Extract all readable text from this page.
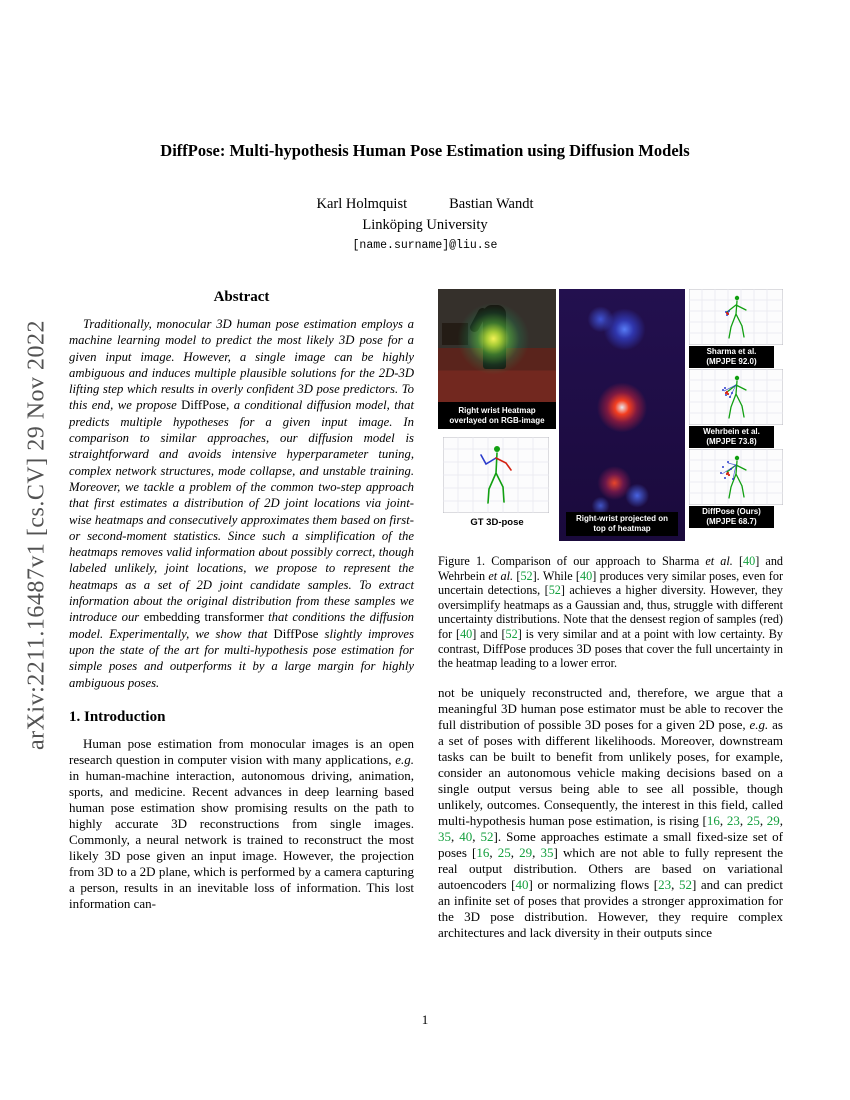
arXiv:2211.16487v1 [cs.CV] 29 Nov 2022
DiffPose: Multi-hypothesis Human Pose Estimation using Diffusion Models
Karl Holmquist	Bastian Wandt
Linköping University
[name.surname]@liu.se
Abstract

Traditionally, monocular 3D human pose estimation employs a machine learning model to predict the most likely 3D pose for a given input image. However, a single image can be highly ambiguous and induces multiple plausible solutions for the 2D-3D lifting step which results in overly confident 3D pose predictors. To this end, we propose DiffPose, a conditional diffusion model, that predicts multiple hypotheses for a given input image. In comparison to similar approaches, our diffusion model is straightforward and avoids intensive hyperparameter tuning, complex network structures, mode collapse, and unstable training. Moreover, we tackle a problem of the common two-step approach that first estimates a distribution of 2D joint locations via joint-wise heatmaps and consecutively approximates them based on first- or second-moment statistics. Since such a simplification of the heatmaps removes valid information about possibly correct, though labeled unlikely, joint locations, we propose to represent the heatmaps as a set of 2D joint candidate samples. To extract information about the original distribution from these samples we introduce our embedding transformer that conditions the diffusion model. Experimentally, we show that DiffPose slightly improves upon the state of the art for multi-hypothesis pose estimation for simple poses and outperforms it by a large margin for highly ambiguous poses.

1. Introduction

Human pose estimation from monocular images is an open research question in computer vision with many applications, e.g. in human-machine interaction, autonomous driving, animation, sports, and medicine. Recent advances in deep learning based human pose estimation show promising results on the path to highly accurate 3D reconstructions from single images. Commonly, a neural network is trained to reconstruct the most likely 3D pose given an input image. However, the projection from 3D to a 2D plane, which is performed by a camera capturing a person, results in an inevitable loss of information. This lost information can-

Right wrist Heatmap overlayed on RGB-image
GT 3D-pose	Right-wrist projected on top of heatmap
Sharma et al. (MPJPE 92.0)
Wehrbein et al. (MPJPE 73.8)
DiffPose (Ours) (MPJPE 68.7)

Figure 1. Comparison of our approach to Sharma et al. [40] and Wehrbein et al. [52]. While [40] produces very similar poses, even for uncertain detections, [52] achieves a higher diversity. However, they oversimplify heatmaps as a Gaussian and, thus, struggle with different uncertainty distributions. Note that the densest region of samples (red) for [40] and [52] is very similar and at a point with low certainty. By contrast, DiffPose produces 3D poses that cover the full uncertainty in the heatmap leading to a lower error.

not be uniquely reconstructed and, therefore, we argue that a meaningful 3D human pose estimator must be able to recover the full distribution of possible 3D poses for a given 2D pose, e.g. as a set of poses with different likelihoods. Moreover, downstream tasks can be built to benefit from unlikely poses, for example, consider an autonomous vehicle making decisions based on a single output versus being able to see all possible, though unlikely, outcomes. Consequently, the interest in this field, called multi-hypothesis human pose estimation, is rising [16, 23, 25, 29, 35, 40, 52]. Some approaches estimate a small fixed-size set of poses [16, 25, 29, 35] which are not able to fully represent the real output distribution. Others are based on variational autoencoders [40] or normalizing flows [23, 52] and can predict an infinite set of poses that provides a stronger approximation for the 3D pose distribution. However, they require complex architectures and lack diversity in their outputs since

1
